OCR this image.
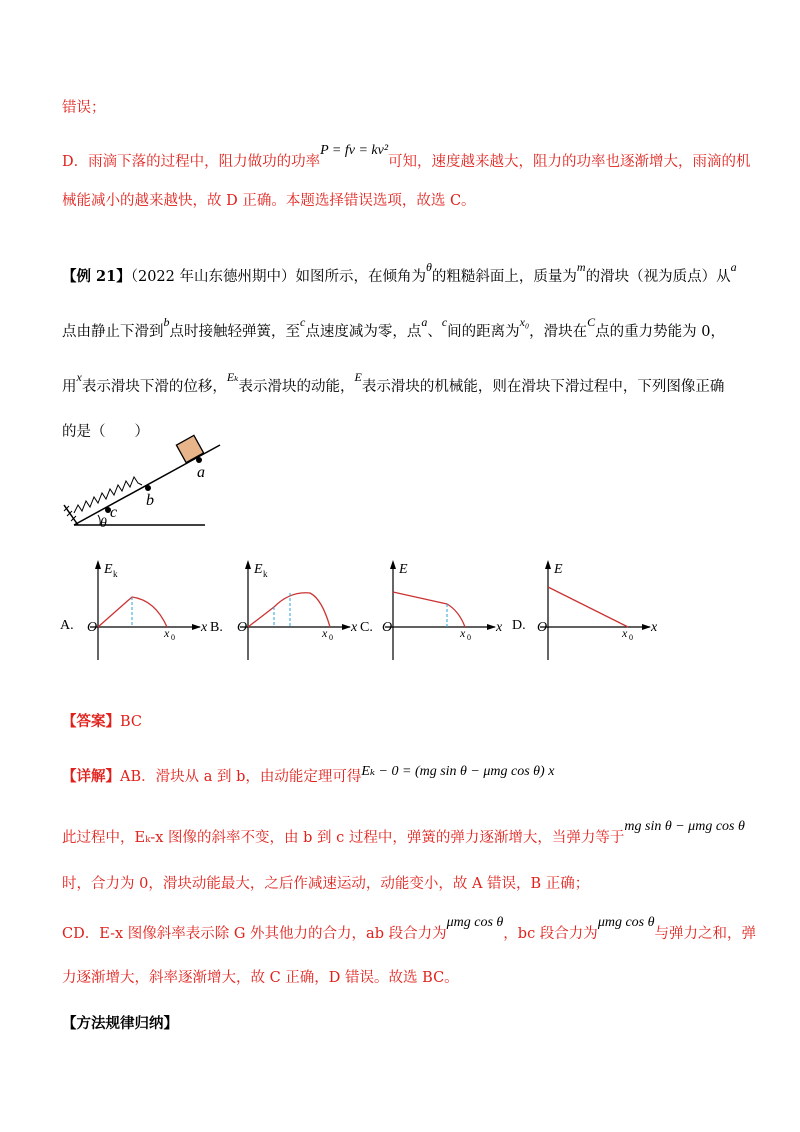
错误；
D．雨滴下落的过程中，阻力做功的功率P = fv = kv²可知，速度越来越大，阻力的功率也逐渐增大，雨滴的机
械能减小的越来越快，故 D 正确。本题选择错误选项，故选 C。
【例 21】（2022 年山东德州期中）如图所示，在倾角为$^\theta$的粗糙斜面上，质量为$^m$的滑块（视为质点）从$^a$
点由静止下滑到$^b$点时接触轻弹簧，至$^c$点速度减为零，点$^a$、$^c$间的距离为$^{x_0}$，滑块在$^C$点的重力势能为 0，
用$^x$表示滑块下滑的位移，$^{E_k}$表示滑块的动能，$^E$表示滑块的机械能，则在滑块下滑过程中，下列图像正确
的是（　　）
a
b
c
θ
A.
E k
O	x B.
x 0
E k
O	x C.
x 0
E
O	x
x 0
D.
E
O	x
x 0
【答案】BC
【详解】AB．滑块从 a 到 b，由动能定理可得Eₖ − 0 = (mg sin θ − μmg cos θ) x
此过程中，Eₖ-x 图像的斜率不变，由 b 到 c 过程中，弹簧的弹力逐渐增大，当弹力等于mg sin θ − μmg cos θ
时，合力为 0，滑块动能最大，之后作减速运动，动能变小，故 A 错误，B 正确；
CD．E-x 图像斜率表示除 G 外其他力的合力，ab 段合力为μmg cos θ，bc 段合力为μmg cos θ与弹力之和，弹
力逐渐增大，斜率逐渐增大，故 C 正确，D 错误。故选 BC。
【方法规律归纳】
